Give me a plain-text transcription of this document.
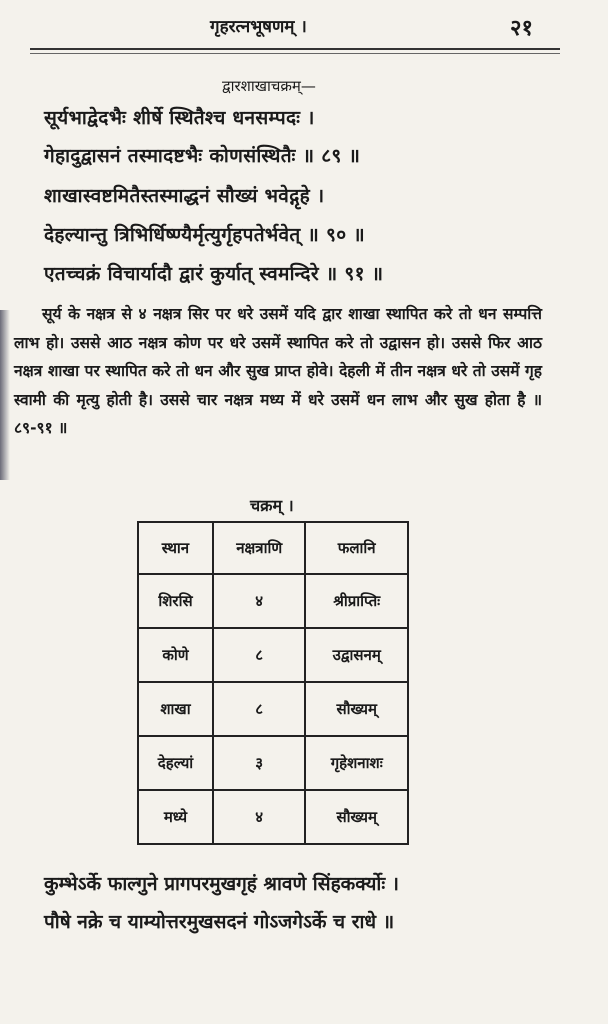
गृहरत्नभूषणम् ।	२१
द्वारशाखाचक्रम्—
सूर्यभाद्वेदभैः शीर्षे स्थितैश्च धनसम्पदः ।
गेहादुद्वासनं तस्मादष्टभैः कोणसंस्थितैः ॥ ८९ ॥
शाखास्वष्टमितैस्तस्माद्धनं सौख्यं भवेद्गृहे ।
देहल्यान्तु त्रिभिर्धिष्ण्यैर्मृत्युर्गृहपतेर्भवेत् ॥ ९० ॥
एतच्चक्रं विचार्यादौ द्वारं कुर्यात् स्वमन्दिरे ॥ ९१ ॥

सूर्य के नक्षत्र से ४ नक्षत्र सिर पर धरे उसमें यदि द्वार शाखा स्थापित करे तो धन सम्पत्ति लाभ हो। उससे आठ नक्षत्र कोण पर धरे उसमें स्थापित करे तो उद्वासन हो। उससे फिर आठ नक्षत्र शाखा पर स्थापित करे तो धन और सुख प्राप्त होवे। देहली में तीन नक्षत्र धरे तो उसमें गृह स्वामी की मृत्यु होती है। उससे चार नक्षत्र मध्य में धरे उसमें धन लाभ और सुख होता है ॥ ८९-९१ ॥

चक्रम् ।
स्थान	नक्षत्राणि	फलानि
शिरसि	४	श्रीप्राप्तिः
कोणे	८	उद्वासनम्
शाखा	८	सौख्यम्
देहल्यां	३	गृहेशनाशः
मध्ये	४	सौख्यम्
कुम्भेऽर्के फाल्गुने प्रागपरमुखगृहं श्रावणे सिंहकर्क्योः ।
पौषे नक्रे च याम्योत्तरमुखसदनं गोऽजगेऽर्के च राधे ॥
